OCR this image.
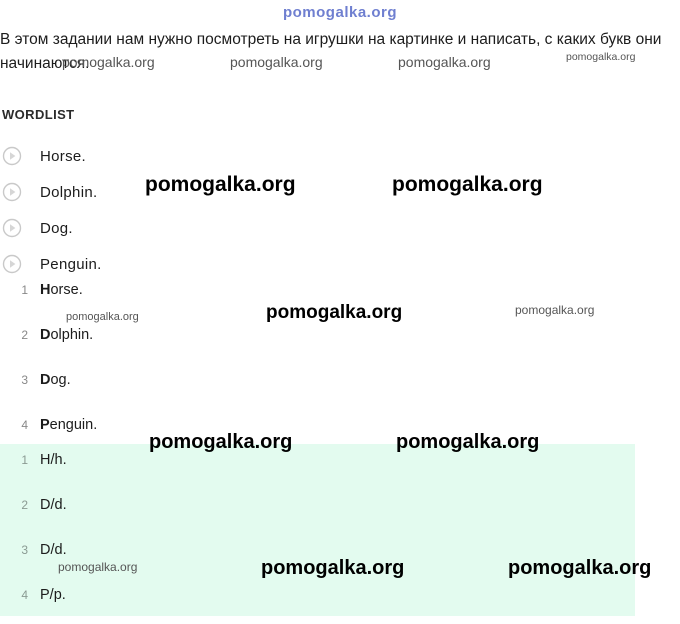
pomogalka.org
В этом задании нам нужно посмотреть на игрушки на картинке и написать, с каких букв они начинаются.
WORDLIST
Horse.
Dolphin.
Dog.
Penguin.
1 Horse.
2 Dolphin.
3 Dog.
4 Penguin.
1 H/h.
2 D/d.
3 D/d.
4 P/p.
pomogalka.org	pomogalka.org	pomogalka.org	pomogalka.org
pomogalka.org	pomogalka.org
pomogalka.org	pomogalka.org	pomogalka.org
pomogalka.org	pomogalka.org
pomogalka.org	pomogalka.org	pomogalka.org
